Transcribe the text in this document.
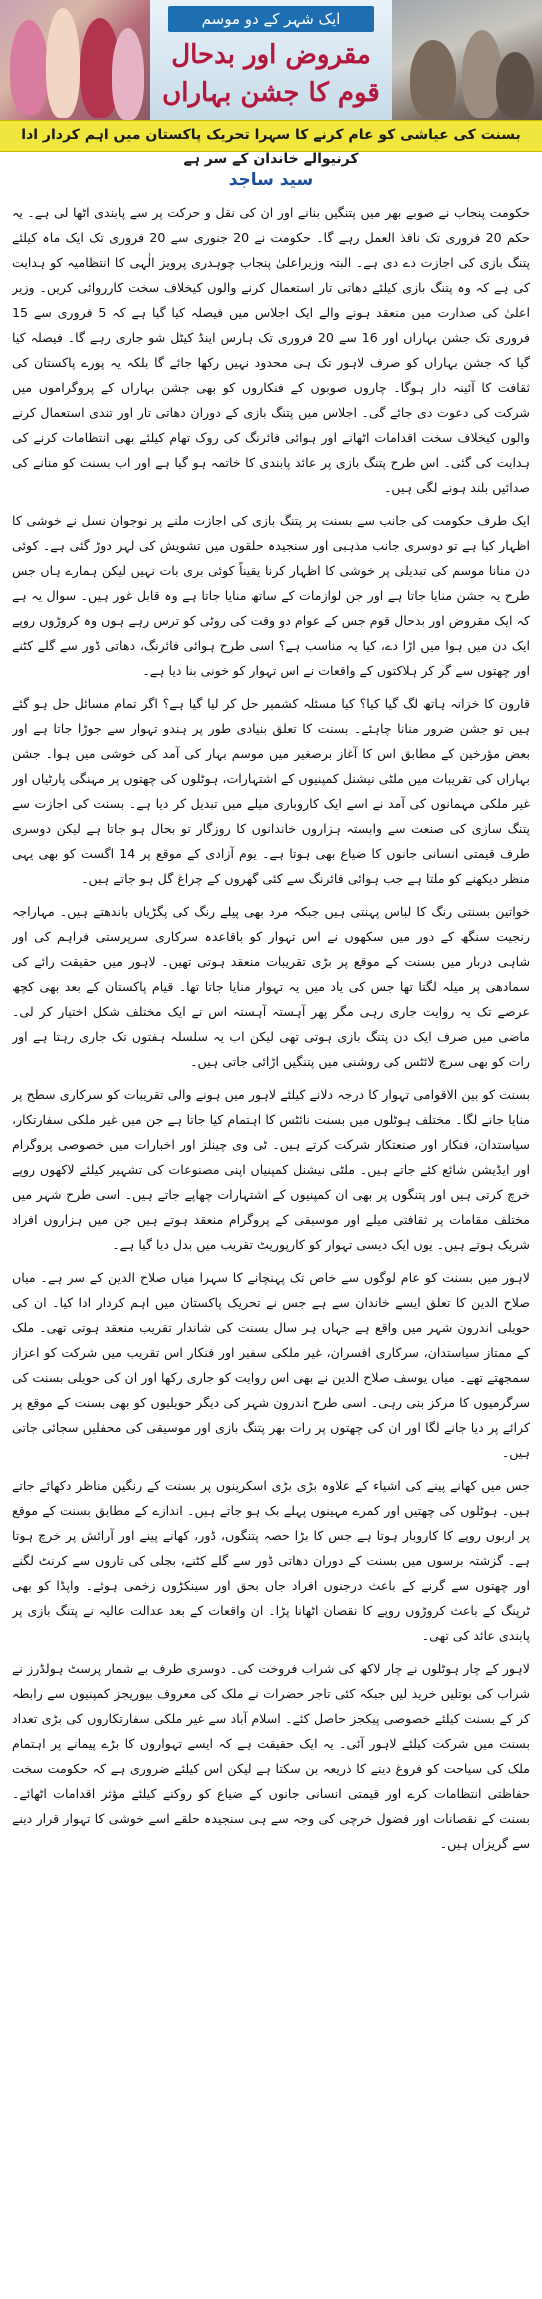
ایک شہر کے دو موسم
مقروض اور بدحال قوم کا جشن بہاراں
بسنت کی عیاشی کو عام کرنے کا سہرا تحریک پاکستان میں اہم کردار ادا کرنیوالے خاندان کے سر ہے
سید ساجد

حکومت پنجاب نے صوبے بھر میں پتنگیں بنانے اور ان کی نقل و حرکت پر سے پابندی اٹھا لی ہے۔ یہ حکم 20 فروری تک نافذ العمل رہے گا۔ حکومت نے 20 جنوری سے 20 فروری تک ایک ماہ کیلئے پتنگ بازی کی اجازت دے دی ہے۔ البتہ وزیراعلیٰ پنجاب چوہدری پرویز الٰہی کا انتظامیہ کو ہدایت کی ہے کہ وہ پتنگ بازی کیلئے دھاتی تار استعمال کرنے والوں کیخلاف سخت کارروائی کریں۔ وزیر اعلیٰ کی صدارت میں منعقد ہونے والے ایک اجلاس میں فیصلہ کیا گیا ہے کہ 5 فروری سے 15 فروری تک جشن بہاراں اور 16 سے 20 فروری تک ہارس اینڈ کیٹل شو جاری رہے گا۔ فیصلہ کیا گیا کہ جشن بہاراں کو صرف لاہور تک ہی محدود نہیں رکھا جائے گا بلکہ یہ پورے پاکستان کی ثقافت کا آئینہ دار ہوگا۔ چاروں صوبوں کے فنکاروں کو بھی جشن بہاراں کے پروگراموں میں شرکت کی دعوت دی جائے گی۔ اجلاس میں پتنگ بازی کے دوران دھاتی تار اور تندی استعمال کرنے والوں کیخلاف سخت اقدامات اٹھانے اور ہوائی فائرنگ کی روک تھام کیلئے بھی انتظامات کرنے کی ہدایت کی گئی۔ اس طرح پتنگ بازی پر عائد پابندی کا خاتمہ ہو گیا ہے اور اب بسنت کو منانے کی صدائیں بلند ہونے لگی ہیں۔

ایک طرف حکومت کی جانب سے بسنت پر پتنگ بازی کی اجازت ملنے پر نوجوان نسل نے خوشی کا اظہار کیا ہے تو دوسری جانب مذہبی اور سنجیدہ حلقوں میں تشویش کی لہر دوڑ گئی ہے۔ کوئی دن منانا موسم کی تبدیلی پر خوشی کا اظہار کرنا یقیناً کوئی بری بات نہیں لیکن ہمارے ہاں جس طرح یہ جشن منایا جاتا ہے اور جن لوازمات کے ساتھ منایا جاتا ہے وہ قابل غور ہیں۔ سوال یہ ہے کہ ایک مقروض اور بدحال قوم جس کے عوام دو وقت کی روٹی کو ترس رہے ہوں وہ کروڑوں روپے ایک دن میں ہوا میں اڑا دے، کیا یہ مناسب ہے؟ اسی طرح ہوائی فائرنگ، دھاتی ڈور سے گلے کٹنے اور چھتوں سے گر کر ہلاکتوں کے واقعات نے اس تہوار کو خونی بنا دیا ہے۔

قارون کا خزانہ ہاتھ لگ گیا کیا؟ کیا مسئلہ کشمیر حل کر لیا گیا ہے؟ اگر تمام مسائل حل ہو گئے ہیں تو جشن ضرور منانا چاہئے۔ بسنت کا تعلق بنیادی طور پر ہندو تہوار سے جوڑا جاتا ہے اور بعض مؤرخین کے مطابق اس کا آغاز برصغیر میں موسم بہار کی آمد کی خوشی میں ہوا۔ جشن بہاراں کی تقریبات میں ملٹی نیشنل کمپنیوں کے اشتہارات، ہوٹلوں کی چھتوں پر مہنگی پارٹیاں اور غیر ملکی مہمانوں کی آمد نے اسے ایک کاروباری میلے میں تبدیل کر دیا ہے۔ بسنت کی اجازت سے پتنگ سازی کی صنعت سے وابستہ ہزاروں خاندانوں کا روزگار تو بحال ہو جاتا ہے لیکن دوسری طرف قیمتی انسانی جانوں کا ضیاع بھی ہوتا ہے۔ یوم آزادی کے موقع پر 14 اگست کو بھی یہی منظر دیکھنے کو ملتا ہے جب ہوائی فائرنگ سے کئی گھروں کے چراغ گل ہو جاتے ہیں۔

خواتین بسنتی رنگ کا لباس پہنتی ہیں جبکہ مرد بھی پیلے رنگ کی پگڑیاں باندھتے ہیں۔ مہاراجہ رنجیت سنگھ کے دور میں سکھوں نے اس تہوار کو باقاعدہ سرکاری سرپرستی فراہم کی اور شاہی دربار میں بسنت کے موقع پر بڑی تقریبات منعقد ہوتی تھیں۔ لاہور میں حقیقت رائے کی سمادھی پر میلہ لگتا تھا جس کی یاد میں یہ تہوار منایا جاتا تھا۔ قیام پاکستان کے بعد بھی کچھ عرصے تک یہ روایت جاری رہی مگر پھر آہستہ آہستہ اس نے ایک مختلف شکل اختیار کر لی۔ ماضی میں صرف ایک دن پتنگ بازی ہوتی تھی لیکن اب یہ سلسلہ ہفتوں تک جاری رہتا ہے اور رات کو بھی سرچ لائٹس کی روشنی میں پتنگیں اڑائی جاتی ہیں۔

بسنت کو بین الاقوامی تہوار کا درجہ دلانے کیلئے لاہور میں ہونے والی تقریبات کو سرکاری سطح پر منایا جانے لگا۔ مختلف ہوٹلوں میں بسنت نائٹس کا اہتمام کیا جاتا ہے جن میں غیر ملکی سفارتکار، سیاستدان، فنکار اور صنعتکار شرکت کرتے ہیں۔ ٹی وی چینلز اور اخبارات میں خصوصی پروگرام اور ایڈیشن شائع کئے جاتے ہیں۔ ملٹی نیشنل کمپنیاں اپنی مصنوعات کی تشہیر کیلئے لاکھوں روپے خرچ کرتی ہیں اور پتنگوں پر بھی ان کمپنیوں کے اشتہارات چھاپے جاتے ہیں۔ اسی طرح شہر میں مختلف مقامات پر ثقافتی میلے اور موسیقی کے پروگرام منعقد ہوتے ہیں جن میں ہزاروں افراد شریک ہوتے ہیں۔ یوں ایک دیسی تہوار کو کارپوریٹ تقریب میں بدل دیا گیا ہے۔

لاہور میں بسنت کو عام لوگوں سے خاص تک پہنچانے کا سہرا میاں صلاح الدین کے سر ہے۔ میاں صلاح الدین کا تعلق ایسے خاندان سے ہے جس نے تحریک پاکستان میں اہم کردار ادا کیا۔ ان کی حویلی اندرون شہر میں واقع ہے جہاں ہر سال بسنت کی شاندار تقریب منعقد ہوتی تھی۔ ملک کے ممتاز سیاستدان، سرکاری افسران، غیر ملکی سفیر اور فنکار اس تقریب میں شرکت کو اعزاز سمجھتے تھے۔ میاں یوسف صلاح الدین نے بھی اس روایت کو جاری رکھا اور ان کی حویلی بسنت کی سرگرمیوں کا مرکز بنی رہی۔ اسی طرح اندرون شہر کی دیگر حویلیوں کو بھی بسنت کے موقع پر کرائے پر دیا جانے لگا اور ان کی چھتوں پر رات بھر پتنگ بازی اور موسیقی کی محفلیں سجائی جاتی ہیں۔

جس میں کھانے پینے کی اشیاء کے علاوہ بڑی بڑی اسکرینوں پر بسنت کے رنگین مناظر دکھائے جاتے ہیں۔ ہوٹلوں کی چھتیں اور کمرے مہینوں پہلے بک ہو جاتے ہیں۔ اندازے کے مطابق بسنت کے موقع پر اربوں روپے کا کاروبار ہوتا ہے جس کا بڑا حصہ پتنگوں، ڈور، کھانے پینے اور آرائش پر خرچ ہوتا ہے۔ گزشتہ برسوں میں بسنت کے دوران دھاتی ڈور سے گلے کٹنے، بجلی کی تاروں سے کرنٹ لگنے اور چھتوں سے گرنے کے باعث درجنوں افراد جاں بحق اور سینکڑوں زخمی ہوئے۔ واپڈا کو بھی ٹرپنگ کے باعث کروڑوں روپے کا نقصان اٹھانا پڑا۔ ان واقعات کے بعد عدالت عالیہ نے پتنگ بازی پر پابندی عائد کی تھی۔

لاہور کے چار ہوٹلوں نے چار لاکھ کی شراب فروخت کی۔ دوسری طرف بے شمار پرسٹ ہولڈرز نے شراب کی بوتلیں خرید لیں جبکہ کئی تاجر حضرات نے ملک کی معروف بیوریجز کمپنیوں سے رابطہ کر کے بسنت کیلئے خصوصی پیکجز حاصل کئے۔ اسلام آباد سے غیر ملکی سفارتکاروں کی بڑی تعداد بسنت میں شرکت کیلئے لاہور آئی۔ یہ ایک حقیقت ہے کہ ایسے تہواروں کا بڑے پیمانے پر اہتمام ملک کی سیاحت کو فروغ دینے کا ذریعہ بن سکتا ہے لیکن اس کیلئے ضروری ہے کہ حکومت سخت حفاظتی انتظامات کرے اور قیمتی انسانی جانوں کے ضیاع کو روکنے کیلئے مؤثر اقدامات اٹھائے۔ بسنت کے نقصانات اور فضول خرچی کی وجہ سے ہی سنجیدہ حلقے اسے خوشی کا تہوار قرار دینے سے گریزاں ہیں۔
